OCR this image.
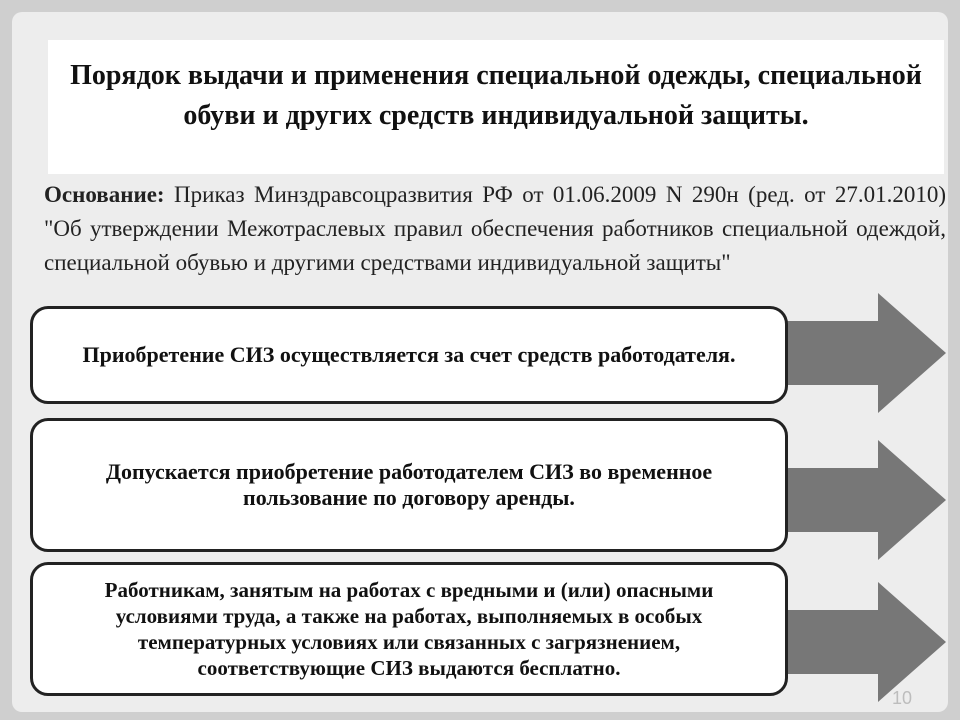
Порядок выдачи и применения специальной одежды, специальной обуви и других средств индивидуальной защиты.
Основание: Приказ Минздравсоцразвития РФ от 01.06.2009 N 290н (ред. от 27.01.2010) "Об утверждении Межотраслевых правил обеспечения работников специальной одеждой, специальной обувью и другими средствами индивидуальной защиты"
Приобретение СИЗ осуществляется за счет средств работодателя.
Допускается приобретение работодателем СИЗ во временное пользование по договору аренды.
Работникам, занятым на работах с вредными и (или) опасными условиями труда, а также на работах, выполняемых в особых температурных условиях или связанных с загрязнением, соответствующие СИЗ выдаются бесплатно.
10
